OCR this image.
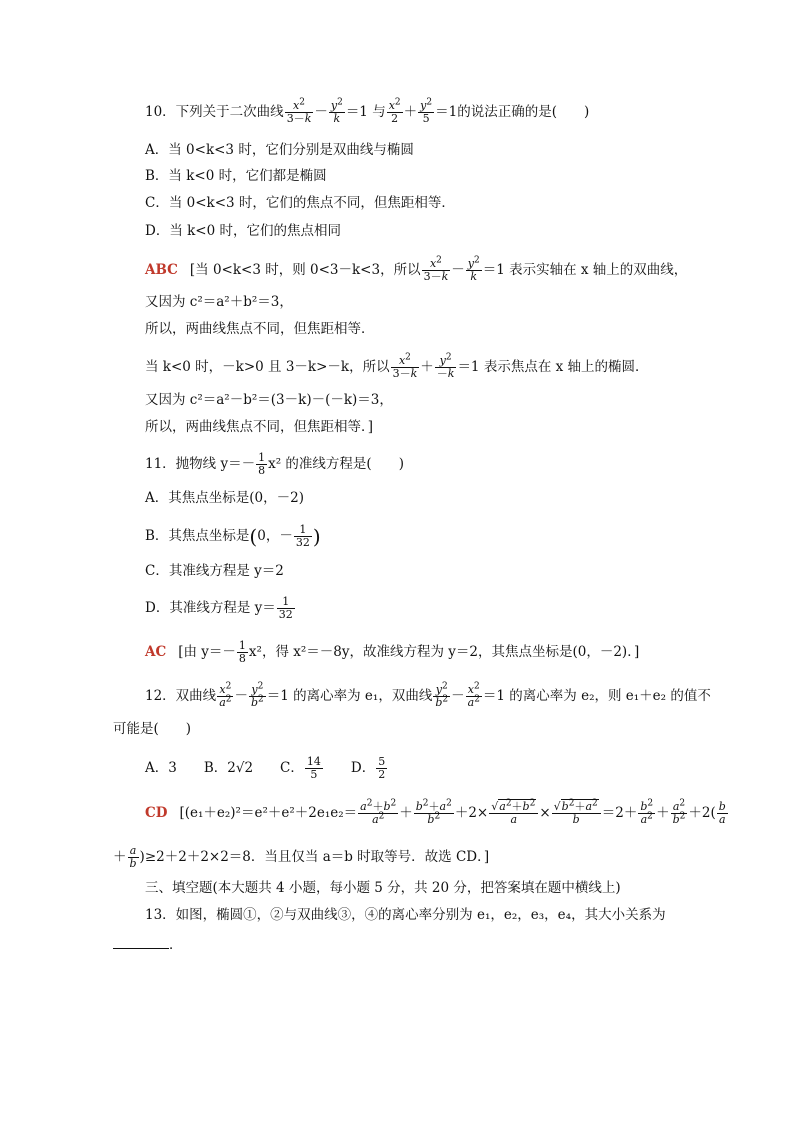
10．下列关于二次曲线 $\frac{x^2}{3-k} - \frac{y^2}{k} =1$ 与 $\frac{x^2}{2} + \frac{y^2}{5} =1$的说法正确的是(　　)
A．当 0<k<3 时，它们分别是双曲线与椭圆
B．当 k<0 时，它们都是椭圆
C．当 0<k<3 时，它们的焦点不同，但焦距相等．
D．当 k<0 时，它们的焦点相同
ABC [当 0<k<3 时，则 0<3－k<3，所以 $\frac{x^2}{3-k} - \frac{y^2}{k} =1$ 表示实轴在 x 轴上的双曲线，
又因为 c²＝a²＋b²＝3，
所以，两曲线焦点不同，但焦距相等．
当 k<0 时，－k>0 且 3－k>－k，所以 $\frac{x^2}{3-k} + \frac{y^2}{-k} =1$ 表示焦点在 x 轴上的椭圆．
又因为 c²＝a²－b²＝(3－k)－(－k)＝3，
所以，两曲线焦点不同，但焦距相等．]
11．抛物线 $y=- \frac{1}{8} x^2$ 的准线方程是(　　)
A．其焦点坐标是(0，－2)
B．其焦点坐标是(0，－ $\frac{1}{32}$ )
C．其准线方程是 y＝2
D．其准线方程是 $y= \frac{1}{32}$
AC [由 $y=- \frac{1}{8} x^2$，得 x²＝－8y，故准线方程为 y＝2，其焦点坐标是(0，－2)．]
12．双曲线 $\frac{x^2}{a^2} - \frac{y^2}{b^2} =1$ 的离心率为 e₁，双曲线 $\frac{y^2}{b^2} - \frac{x^2}{a^2} =1$ 的离心率为 e₂，则 e₁＋e₂ 的值不
可能是(　　)
A．3　　 B．2√2　　 C． $\frac{14}{5}$
　　 D． $\frac{5}{2}$
CD [$(e_1+e_2)^2=e^2+e^2+2e_1e_2= \frac{a^2+b^2}{a^2} + \frac{b^2+a^2}{b^2} +2\times \frac{√a^2+b^2}{a} \times \frac{√b^2+a^2}{b} =2+ \frac{b^2}{a^2} + \frac{a^2}{b^2} +2( \frac{b}{a}$
＋ $\frac{a}{b} )\ge 2+2+2\times 2=8$．当且仅当 a＝b 时取等号．故选 CD．]
三、填空题(本大题共 4 小题，每小题 5 分，共 20 分，把答案填在题中横线上)
13．如图，椭圆①，②与双曲线③，④的离心率分别为 e₁，e₂，e₃，e₄，其大小关系为
．
